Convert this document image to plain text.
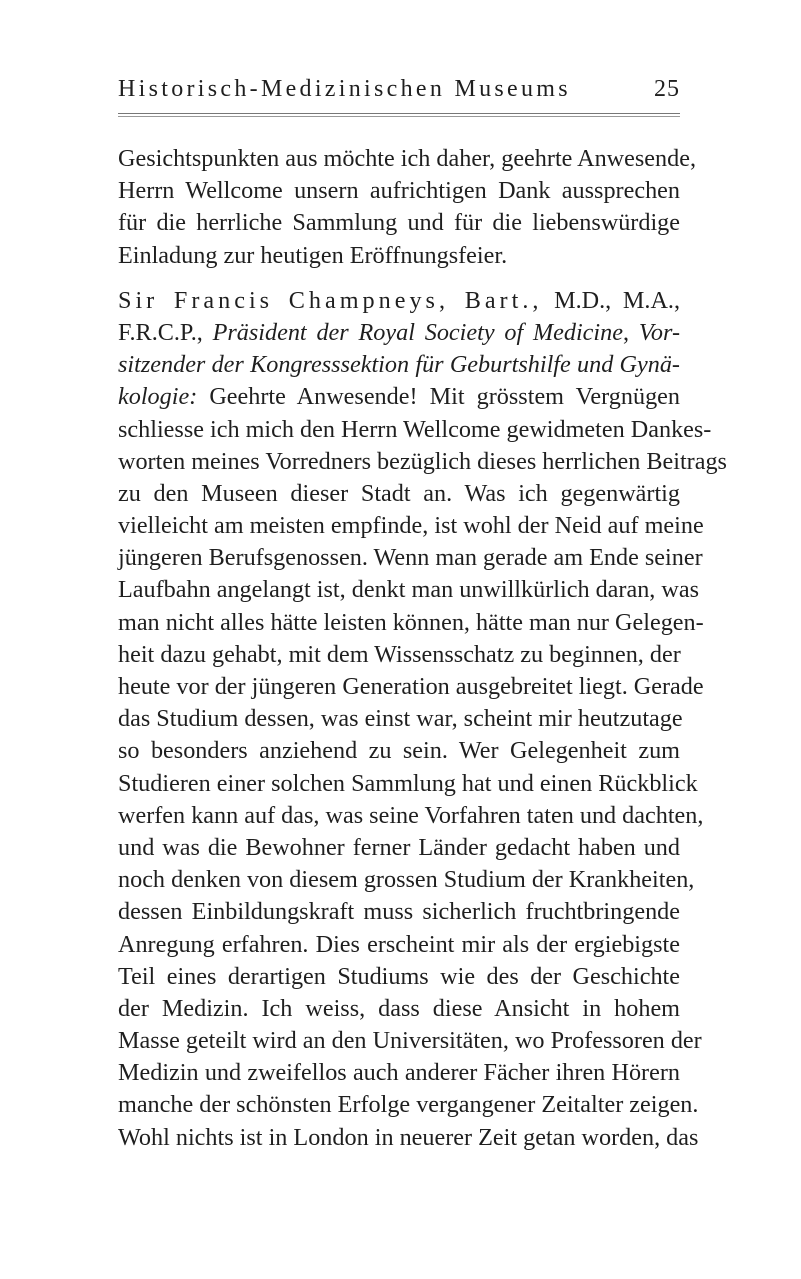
Historisch-Medizinischen Museums	25
Gesichtspunkten aus möchte ich daher, geehrte Anwesende,
Herrn Wellcome unsern aufrichtigen Dank aussprechen
für die herrliche Sammlung und für die liebenswürdige
Einladung zur heutigen Eröffnungsfeier.
Sir Francis Champneys, Bart., M.D., M.A.,
F.R.C.P., Präsident der Royal Society of Medicine, Vor-
sitzender der Kongresssektion für Geburtshilfe und Gynä-
kologie: Geehrte Anwesende! Mit grösstem Vergnügen
schliesse ich mich den Herrn Wellcome gewidmeten Dankes-
worten meines Vorredners bezüglich dieses herrlichen Beitrags
zu den Museen dieser Stadt an. Was ich gegenwärtig
vielleicht am meisten empfinde, ist wohl der Neid auf meine
jüngeren Berufsgenossen. Wenn man gerade am Ende seiner
Laufbahn angelangt ist, denkt man unwillkürlich daran, was
man nicht alles hätte leisten können, hätte man nur Gelegen-
heit dazu gehabt, mit dem Wissensschatz zu beginnen, der
heute vor der jüngeren Generation ausgebreitet liegt. Gerade
das Studium dessen, was einst war, scheint mir heutzutage
so besonders anziehend zu sein. Wer Gelegenheit zum
Studieren einer solchen Sammlung hat und einen Rückblick
werfen kann auf das, was seine Vorfahren taten und dachten,
und was die Bewohner ferner Länder gedacht haben und
noch denken von diesem grossen Studium der Krankheiten,
dessen Einbildungskraft muss sicherlich fruchtbringende
Anregung erfahren. Dies erscheint mir als der ergiebigste
Teil eines derartigen Studiums wie des der Geschichte
der Medizin. Ich weiss, dass diese Ansicht in hohem
Masse geteilt wird an den Universitäten, wo Professoren der
Medizin und zweifellos auch anderer Fächer ihren Hörern
manche der schönsten Erfolge vergangener Zeitalter zeigen.
Wohl nichts ist in London in neuerer Zeit getan worden, das
